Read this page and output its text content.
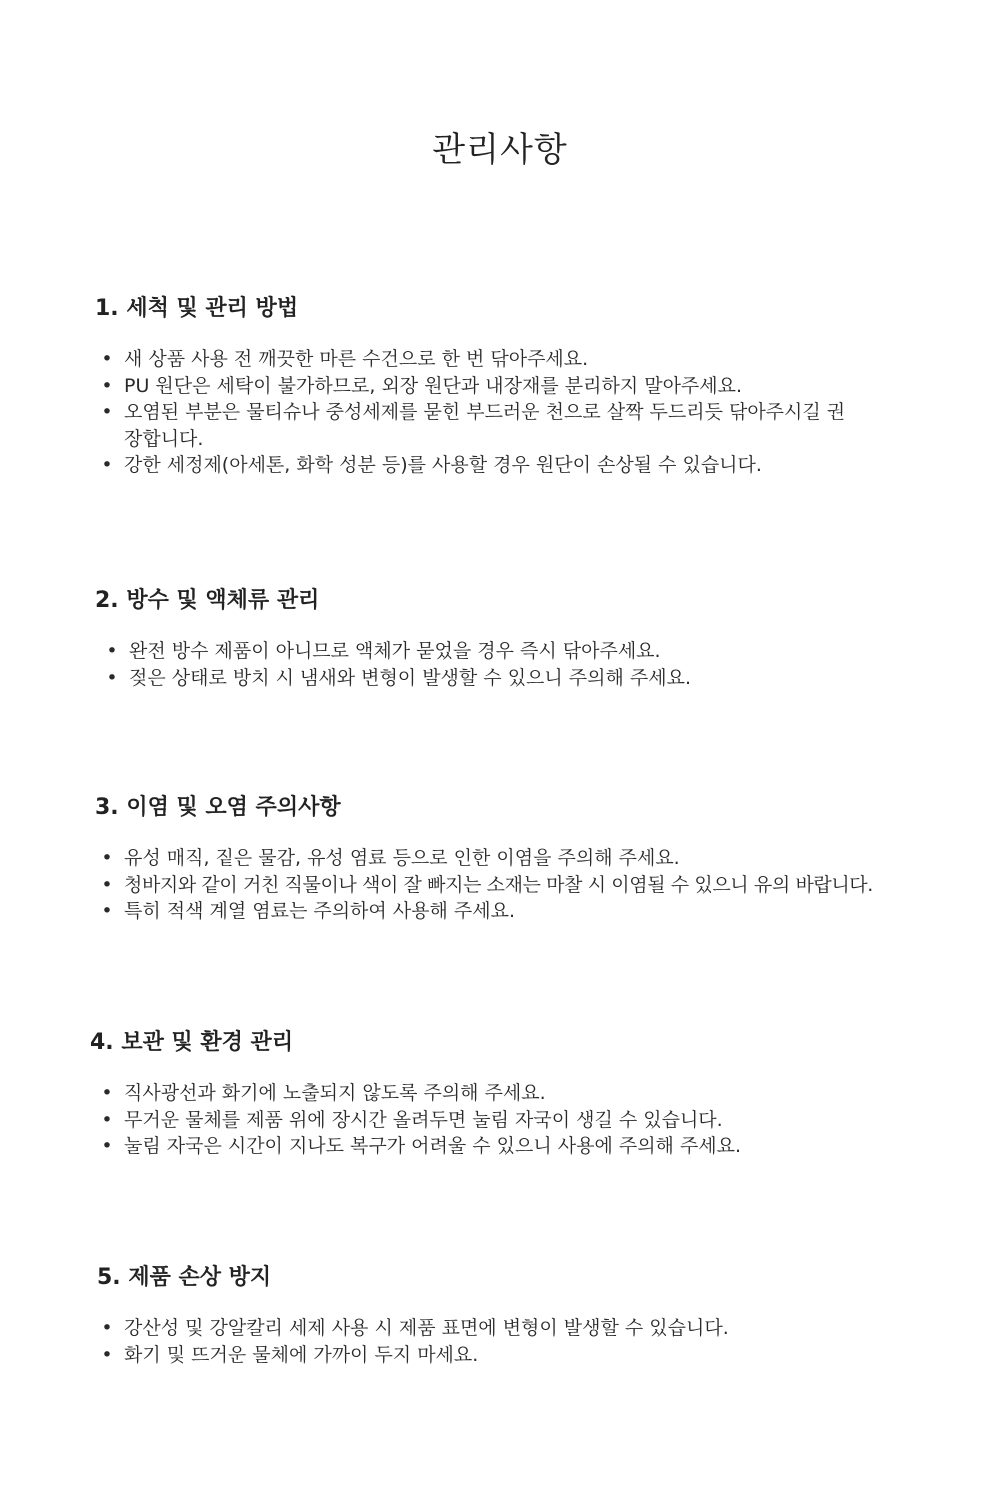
관리사항
1. 세척 및 관리 방법
• 새 상품 사용 전 깨끗한 마른 수건으로 한 번 닦아주세요.
• PU 원단은 세탁이 불가하므로, 외장 원단과 내장재를 분리하지 말아주세요.
• 오염된 부분은 물티슈나 중성세제를 묻힌 부드러운 천으로 살짝 두드리듯 닦아주시길 권장합니다.
• 강한 세정제(아세톤, 화학 성분 등)를 사용할 경우 원단이 손상될 수 있습니다.
2. 방수 및 액체류 관리
• 완전 방수 제품이 아니므로 액체가 묻었을 경우 즉시 닦아주세요.
• 젖은 상태로 방치 시 냄새와 변형이 발생할 수 있으니 주의해 주세요.
3. 이염 및 오염 주의사항
• 유성 매직, 짙은 물감, 유성 염료 등으로 인한 이염을 주의해 주세요.
• 청바지와 같이 거친 직물이나 색이 잘 빠지는 소재는 마찰 시 이염될 수 있으니 유의 바랍니다.
• 특히 적색 계열 염료는 주의하여 사용해 주세요.
4. 보관 및 환경 관리
• 직사광선과 화기에 노출되지 않도록 주의해 주세요.
• 무거운 물체를 제품 위에 장시간 올려두면 눌림 자국이 생길 수 있습니다.
• 눌림 자국은 시간이 지나도 복구가 어려울 수 있으니 사용에 주의해 주세요.
5. 제품 손상 방지
• 강산성 및 강알칼리 세제 사용 시 제품 표면에 변형이 발생할 수 있습니다.
• 화기 및 뜨거운 물체에 가까이 두지 마세요.
